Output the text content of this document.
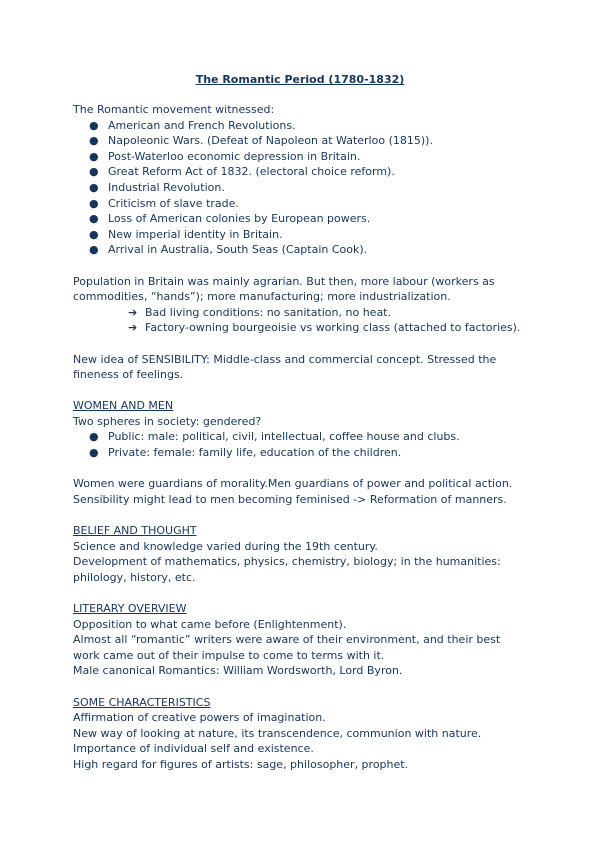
The Romantic Period (1780-1832)

The Romantic movement witnessed:

● American and French Revolutions.
● Napoleonic Wars. (Defeat of Napoleon at Waterloo (1815)).
● Post-Waterloo economic depression in Britain.
● Great Reform Act of 1832. (electoral choice reform).
● Industrial Revolution.
● Criticism of slave trade.
● Loss of American colonies by European powers.
● New imperial identity in Britain.
● Arrival in Australia, South Seas (Captain Cook).

Population in Britain was mainly agrarian. But then, more labour (workers as

commodities, “hands”); more manufacturing; more industrialization.

➔ Bad living conditions: no sanitation, no heat.
➔ Factory-owning bourgeoisie vs working class (attached to factories).

New idea of SENSIBILITY: Middle-class and commercial concept. Stressed the

fineness of feelings.

WOMEN AND MEN

Two spheres in society: gendered?

● Public: male: political, civil, intellectual, coffee house and clubs.
● Private: female: family life, education of the children.

Women were guardians of morality.Men guardians of power and political action.

Sensibility might lead to men becoming feminised -> Reformation of manners.

BELIEF AND THOUGHT

Science and knowledge varied during the 19th century.

Development of mathematics, physics, chemistry, biology; in the humanities:

philology, history, etc.

LITERARY OVERVIEW

Opposition to what came before (Enlightenment).

Almost all “romantic” writers were aware of their environment, and their best

work came out of their impulse to come to terms with it.

Male canonical Romantics: William Wordsworth, Lord Byron.

SOME CHARACTERISTICS

Affirmation of creative powers of imagination.

New way of looking at nature, its transcendence, communion with nature.

Importance of individual self and existence.

High regard for figures of artists: sage, philosopher, prophet.
